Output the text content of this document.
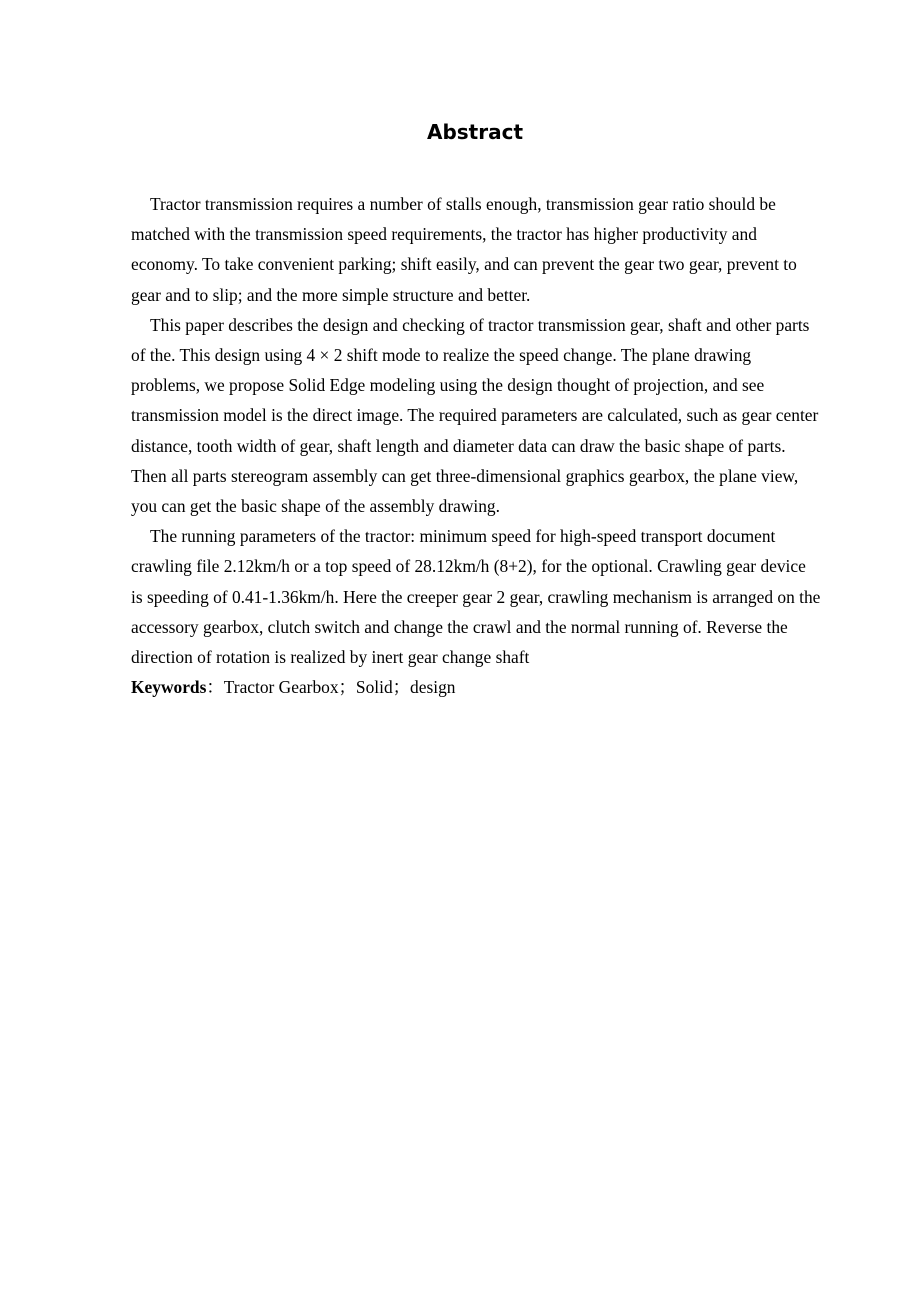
Abstract

Tractor transmission requires a number of stalls enough, transmission gear ratio should be matched with the transmission speed requirements, the tractor has higher productivity and economy. To take convenient parking; shift easily, and can prevent the gear two gear, prevent to gear and to slip; and the more simple structure and better.

This paper describes the design and checking of tractor transmission gear, shaft and other parts of the. This design using 4 × 2 shift mode to realize the speed change. The plane drawing problems, we propose Solid Edge modeling using the design thought of projection, and see transmission model is the direct image. The required parameters are calculated, such as gear center distance, tooth width of gear, shaft length and diameter data can draw the basic shape of parts. Then all parts stereogram assembly can get three-dimensional graphics gearbox, the plane view, you can get the basic shape of the assembly drawing.

The running parameters of the tractor: minimum speed for high-speed transport document crawling file 2.12km/h or a top speed of 28.12km/h (8+2), for the optional. Crawling gear device is speeding of 0.41-1.36km/h. Here the creeper gear 2 gear, crawling mechanism is arranged on the accessory gearbox, clutch switch and change the crawl and the normal running of. Reverse the direction of rotation is realized by inert gear change shaft

Keywords：Tractor Gearbox；Solid；design
